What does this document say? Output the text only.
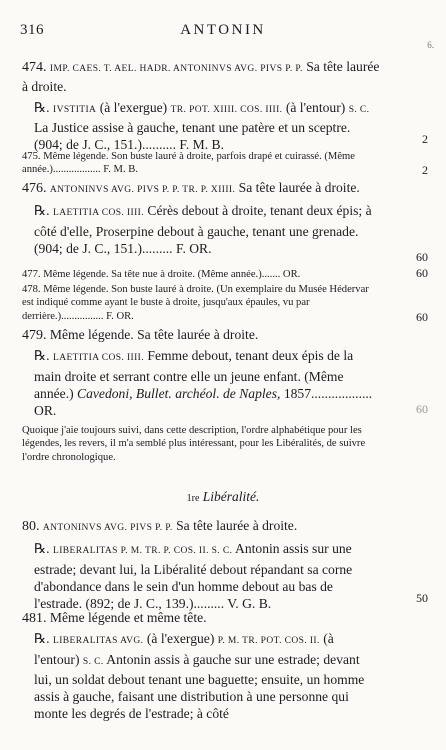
316	ANTONIN
6.

474. IMP. CAES. T. AEL. HADR. ANTONINVS AVG. PIVS P. P. Sa tête laurée à droite.

℞. IVSTITIA (à l'exergue) TR. POT. XIIII. COS. IIII. (à l'entour) S. C. La Justice assise à gauche, tenant une patère et un sceptre. (904; de J. C., 151.).......... F. M. B.	2
475. Même légende. Son buste lauré à droite, parfois drapé et cuirassé. (Même année.).................. F. M. B.	2

476. ANTONINVS AVG. PIVS P. P. TR. P. XIIII. Sa tête laurée à droite.

℞. LAETITIA COS. IIII. Cérès debout à droite, tenant deux épis; à côté d'elle, Proserpine debout à gauche, tenant une grenade. (904; de J. C., 151.)......... F. OR.

60
477. Même légende. Sa tête nue à droite. (Même année.)....... OR.	60
478. Même légende. Son buste lauré à droite. (Un exemplaire du Musée Hédervar est indiqué comme ayant le buste à droite, jusqu'aux épaules, vu par derrière.)................ F. OR.	60

479. Même légende. Sa tête laurée à droite.

℞. LAETITIA COS. IIII. Femme debout, tenant deux épis de la main droite et serrant contre elle un jeune enfant. (Même année.) Cavedoni, Bullet. archéol. de Naples, 1857.................. OR.	60
Quoique j'aie toujours suivi, dans cette description, l'ordre alphabétique pour les légendes, les revers, il m'a semblé plus intéressant, pour les Libéralités, de suivre l'ordre chronologique.
1re Libéralité.

80. ANTONINVS AVG. PIVS P. P. Sa tête laurée à droite.

℞. LIBERALITAS P. M. TR. P. COS. II. S. C. Antonin assis sur une estrade; devant lui, la Libéralité debout répandant sa corne d'abondance dans le sein d'un homme debout au bas de l'estrade. (892; de J. C., 139.)......... V. G. B.	50

481. Même légende et même tête.

℞. LIBERALITAS AVG. (à l'exergue) P. M. TR. POT. COS. II. (à l'entour) S. C. Antonin assis à gauche sur une estrade; devant lui, un soldat debout tenant une baguette; ensuite, un homme assis à gauche, faisant une distribution à une personne qui monte les degrés de l'estrade; à côté
